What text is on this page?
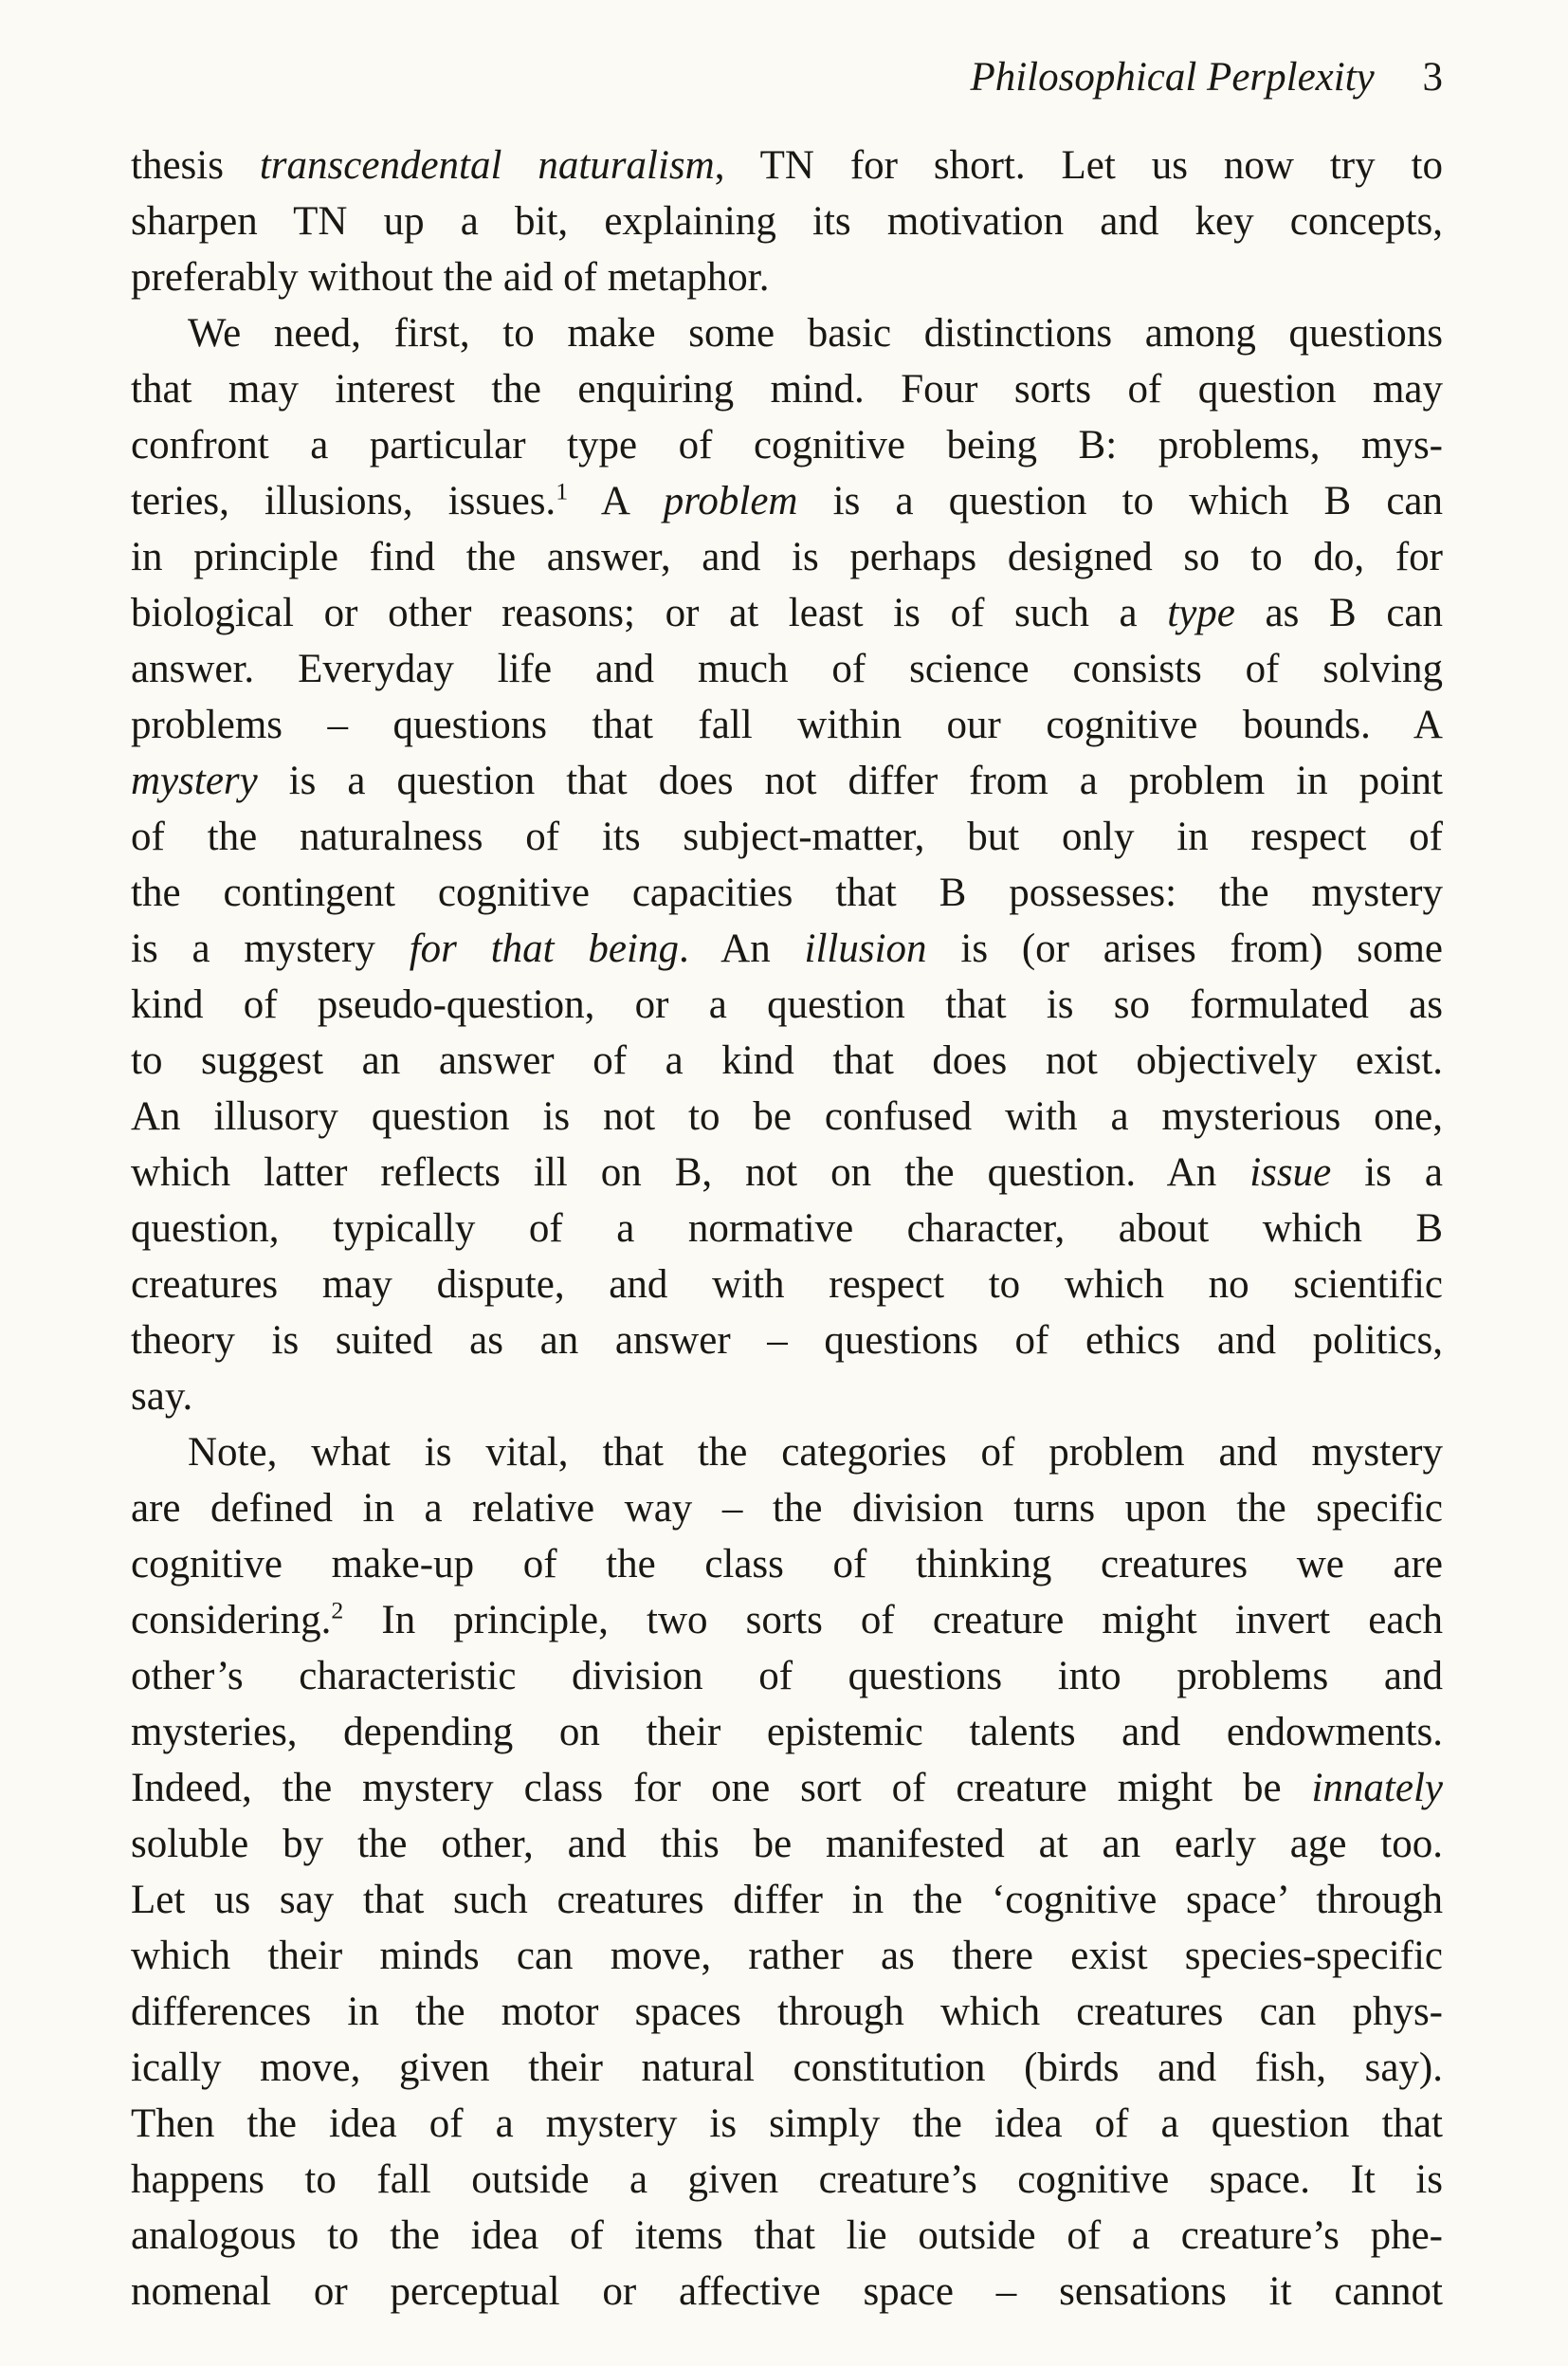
Philosophical Perplexity 3
thesis transcendental naturalism, TN for short. Let us now try to
sharpen TN up a bit, explaining its motivation and key concepts,
preferably without the aid of metaphor.
We need, first, to make some basic distinctions among questions
that may interest the enquiring mind. Four sorts of question may
confront a particular type of cognitive being B: problems, mys-
teries, illusions, issues.$^1$ A problem is a question to which B can
in principle find the answer, and is perhaps designed so to do, for
biological or other reasons; or at least is of such a type as B can
answer. Everyday life and much of science consists of solving
problems – questions that fall within our cognitive bounds. A
mystery is a question that does not differ from a problem in point
of the naturalness of its subject-matter, but only in respect of
the contingent cognitive capacities that B possesses: the mystery
is a mystery for that being. An illusion is (or arises from) some
kind of pseudo-question, or a question that is so formulated as
to suggest an answer of a kind that does not objectively exist.
An illusory question is not to be confused with a mysterious one,
which latter reflects ill on B, not on the question. An issue is a
question, typically of a normative character, about which B
creatures may dispute, and with respect to which no scientific
theory is suited as an answer – questions of ethics and politics,
say.
Note, what is vital, that the categories of problem and mystery
are defined in a relative way – the division turns upon the specific
cognitive make-up of the class of thinking creatures we are
considering.$^2$ In principle, two sorts of creature might invert each
other’s characteristic division of questions into problems and
mysteries, depending on their epistemic talents and endowments.
Indeed, the mystery class for one sort of creature might be innately
soluble by the other, and this be manifested at an early age too.
Let us say that such creatures differ in the ‘cognitive space’ through
which their minds can move, rather as there exist species-specific
differences in the motor spaces through which creatures can phys-
ically move, given their natural constitution (birds and fish, say).
Then the idea of a mystery is simply the idea of a question that
happens to fall outside a given creature’s cognitive space. It is
analogous to the idea of items that lie outside of a creature’s phe-
nomenal or perceptual or affective space – sensations it cannot
